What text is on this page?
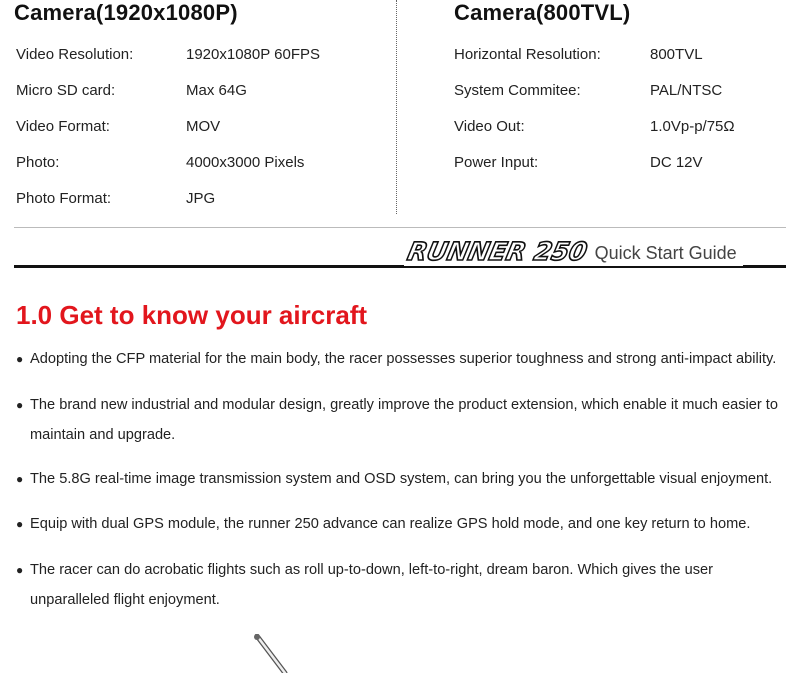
Camera(1920x1080P)	Camera(800TVL)
Video Resolution:	1920x1080P 60FPS
Micro SD card:	Max 64G
Video Format:	MOV
Photo:	4000x3000 Pixels
Photo Format:	JPG
Horizontal Resolution:	800TVL
System Commitee:	PAL/NTSC
Video Out:	1.0Vp-p/75Ω
Power Input:	DC 12V
RUNNER 250 Quick Start Guide
1.0 Get to know your aircraft
● Adopting the CFP material for the main body, the racer possesses superior toughness and strong anti-impact ability.
● The brand new industrial and modular design, greatly improve the product extension, which enable it much easier to maintain and upgrade.
● The 5.8G real-time image transmission system and OSD system, can bring you the unforgettable visual enjoyment.
● Equip with dual GPS module, the runner 250 advance can realize GPS hold mode, and one key return to home.
● The racer can do acrobatic flights such as roll up-to-down, left-to-right, dream baron. Which gives the user unparalleled flight enjoyment.
